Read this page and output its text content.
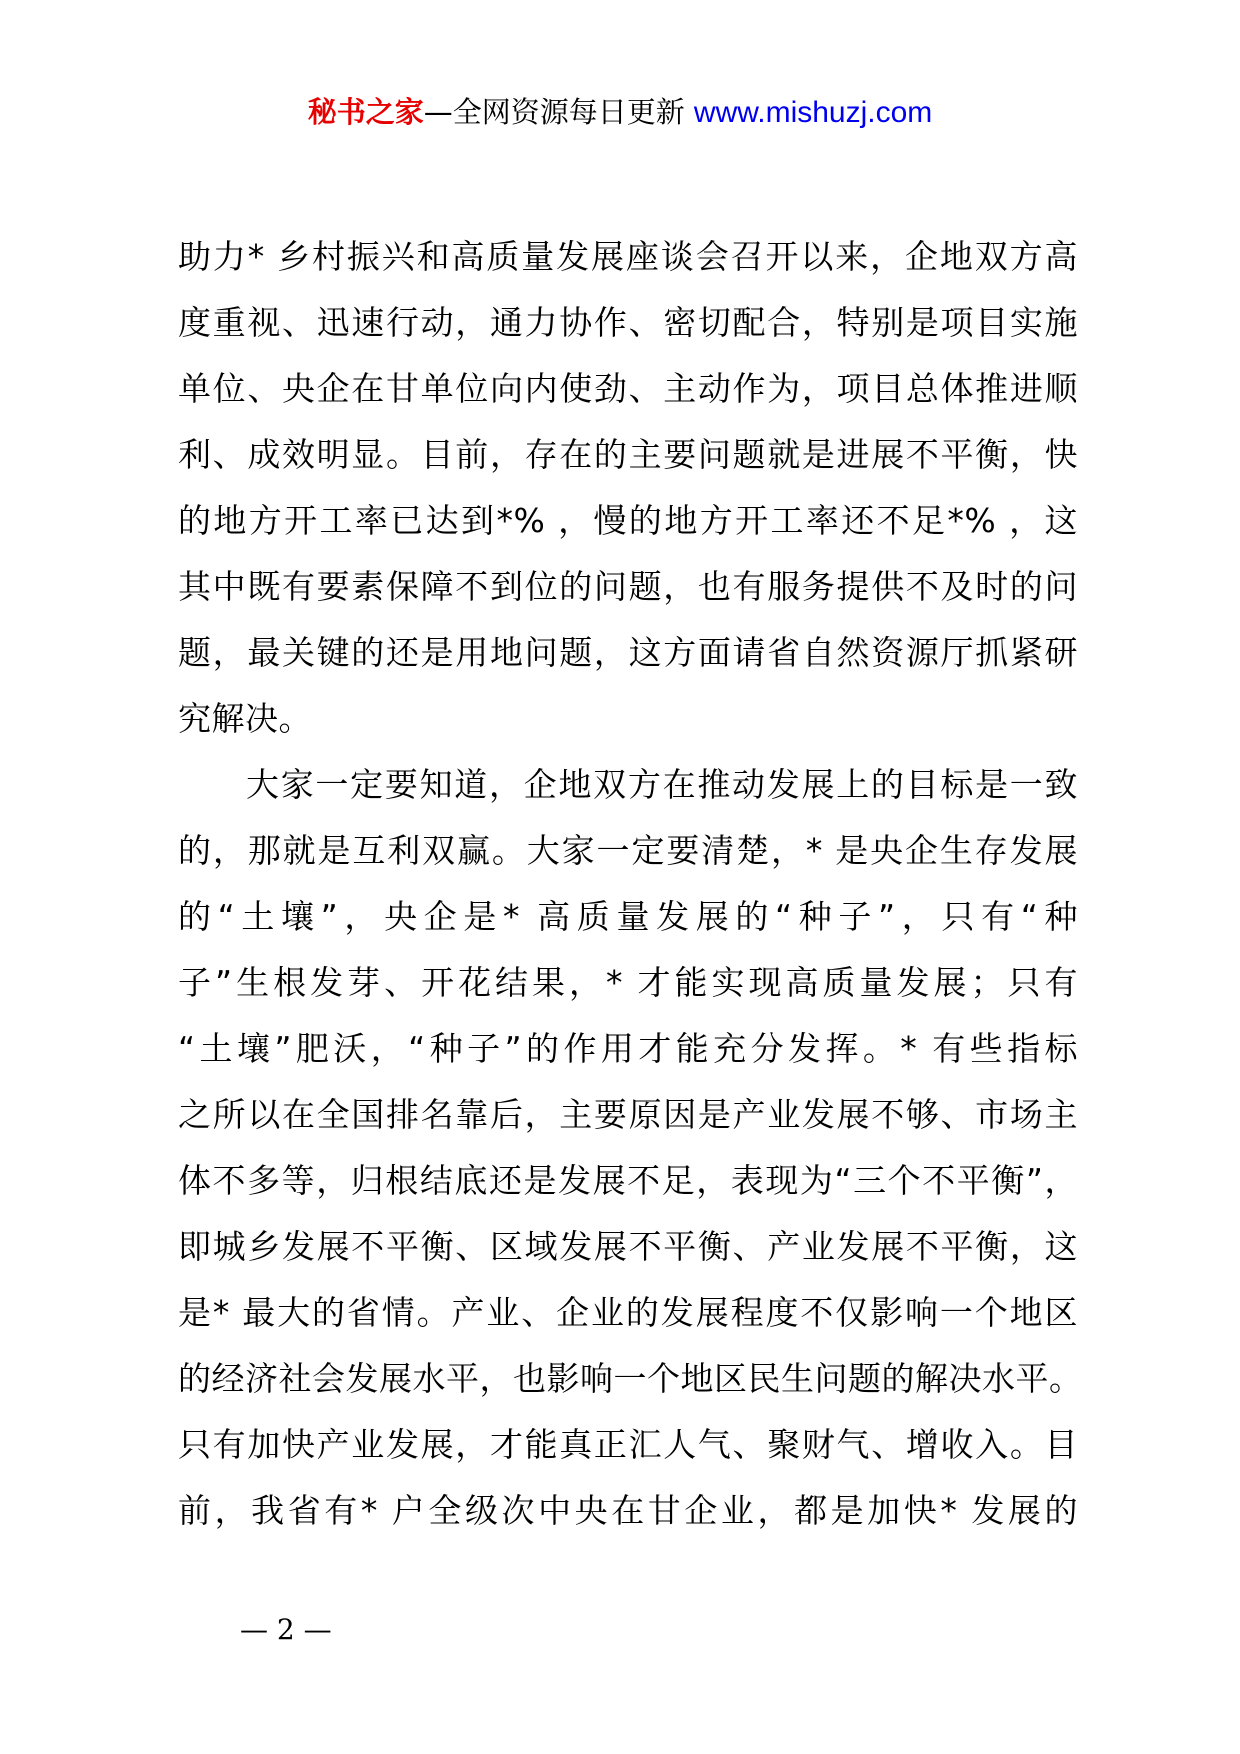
秘书之家—全网资源每日更新 www.mishuzj.com
助力* 乡村振兴和高质量发展座谈会召开以来，企地双方高
度重视、迅速行动，通力协作、密切配合，特别是项目实施
单位、央企在甘单位向内使劲、主动作为，项目总体推进顺
利、成效明显。目前，存在的主要问题就是进展不平衡，快
的地方开工率已达到*% ，慢的地方开工率还不足*% ，这
其中既有要素保障不到位的问题，也有服务提供不及时的问
题，最关键的还是用地问题，这方面请省自然资源厅抓紧研
究解决。
大家一定要知道，企地双方在推动发展上的目标是一致
的，那就是互利双赢。大家一定要清楚，* 是央企生存发展
的“土壤”，央企是* 高质量发展的“种子”，只有“种
子”生根发芽、开花结果，* 才能实现高质量发展；只有
“土壤”肥沃，“种子”的作用才能充分发挥。* 有些指标
之所以在全国排名靠后，主要原因是产业发展不够、市场主
体不多等，归根结底还是发展不足，表现为“三个不平衡”，
即城乡发展不平衡、区域发展不平衡、产业发展不平衡，这
是* 最大的省情。产业、企业的发展程度不仅影响一个地区
的经济社会发展水平，也影响一个地区民生问题的解决水平。
只有加快产业发展，才能真正汇人气、聚财气、增收入。目
前，我省有* 户全级次中央在甘企业，都是加快* 发展的
— 2 —
